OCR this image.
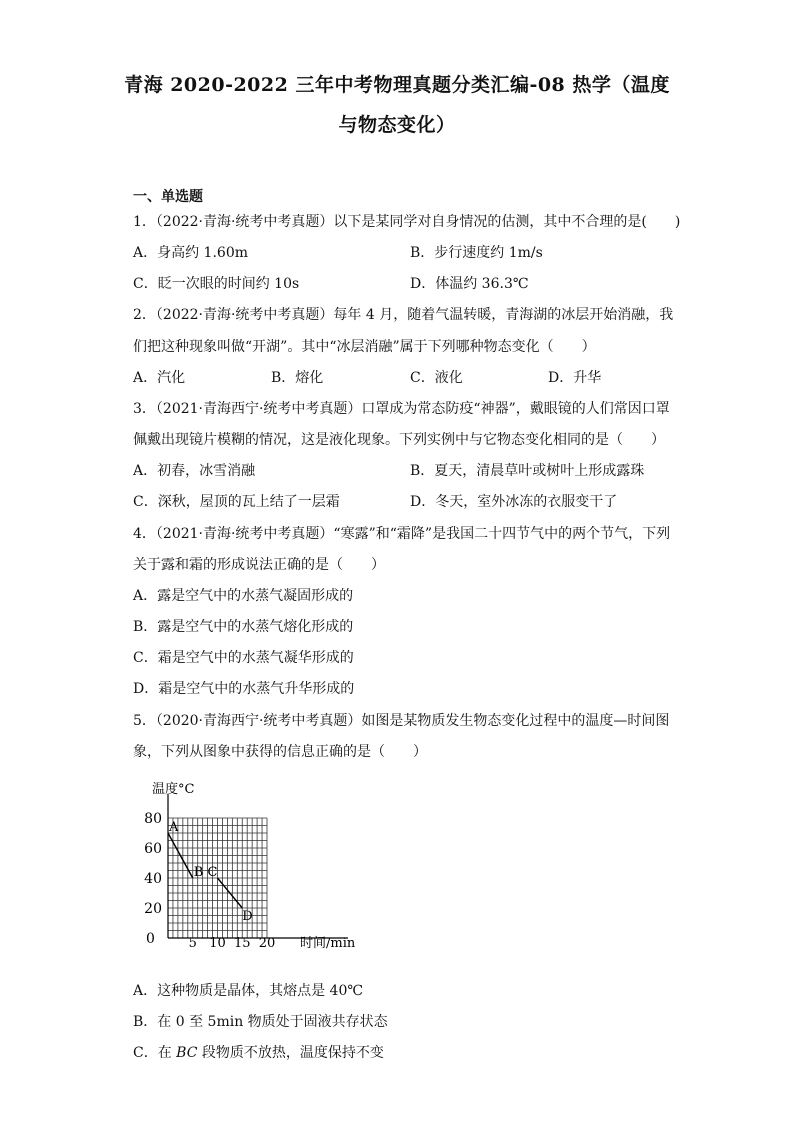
青海 2020-2022 三年中考物理真题分类汇编-08 热学（温度
与物态变化）
一、单选题
1．（2022·青海·统考中考真题）以下是某同学对自身情况的估测，其中不合理的是(　　)
A．身高约 1.60m	B．步行速度约 1m/s
C．眨一次眼的时间约 10s	D．体温约 36.3℃
2．（2022·青海·统考中考真题）每年 4 月，随着气温转暖，青海湖的冰层开始消融，我
们把这种现象叫做“开湖”。其中“冰层消融”属于下列哪种物态变化（　　）
A．汽化	B．熔化	C．液化	D．升华
3．（2021·青海西宁·统考中考真题）口罩成为常态防疫“神器”，戴眼镜的人们常因口罩
佩戴出现镜片模糊的情况，这是液化现象。下列实例中与它物态变化相同的是（　　）
A．初春，冰雪消融	B．夏天，清晨草叶或树叶上形成露珠
C．深秋，屋顶的瓦上结了一层霜	D．冬天，室外冰冻的衣服变干了
4．（2021·青海·统考中考真题）“寒露”和“霜降”是我国二十四节气中的两个节气，下列
关于露和霜的形成说法正确的是（　　）
A．露是空气中的水蒸气凝固形成的
B．露是空气中的水蒸气熔化形成的
C．霜是空气中的水蒸气凝华形成的
D．霜是空气中的水蒸气升华形成的
5．（2020·青海西宁·统考中考真题）如图是某物质发生物态变化过程中的温度—时间图
象，下列从图象中获得的信息正确的是（　　）
温度°C
时间/min
0	5 10 15 20
20
40
60
80
A
B C
D
A．这种物质是晶体，其熔点是 40℃
B．在 0 至 5min 物质处于固液共存状态
C．在 BC 段物质不放热，温度保持不变
